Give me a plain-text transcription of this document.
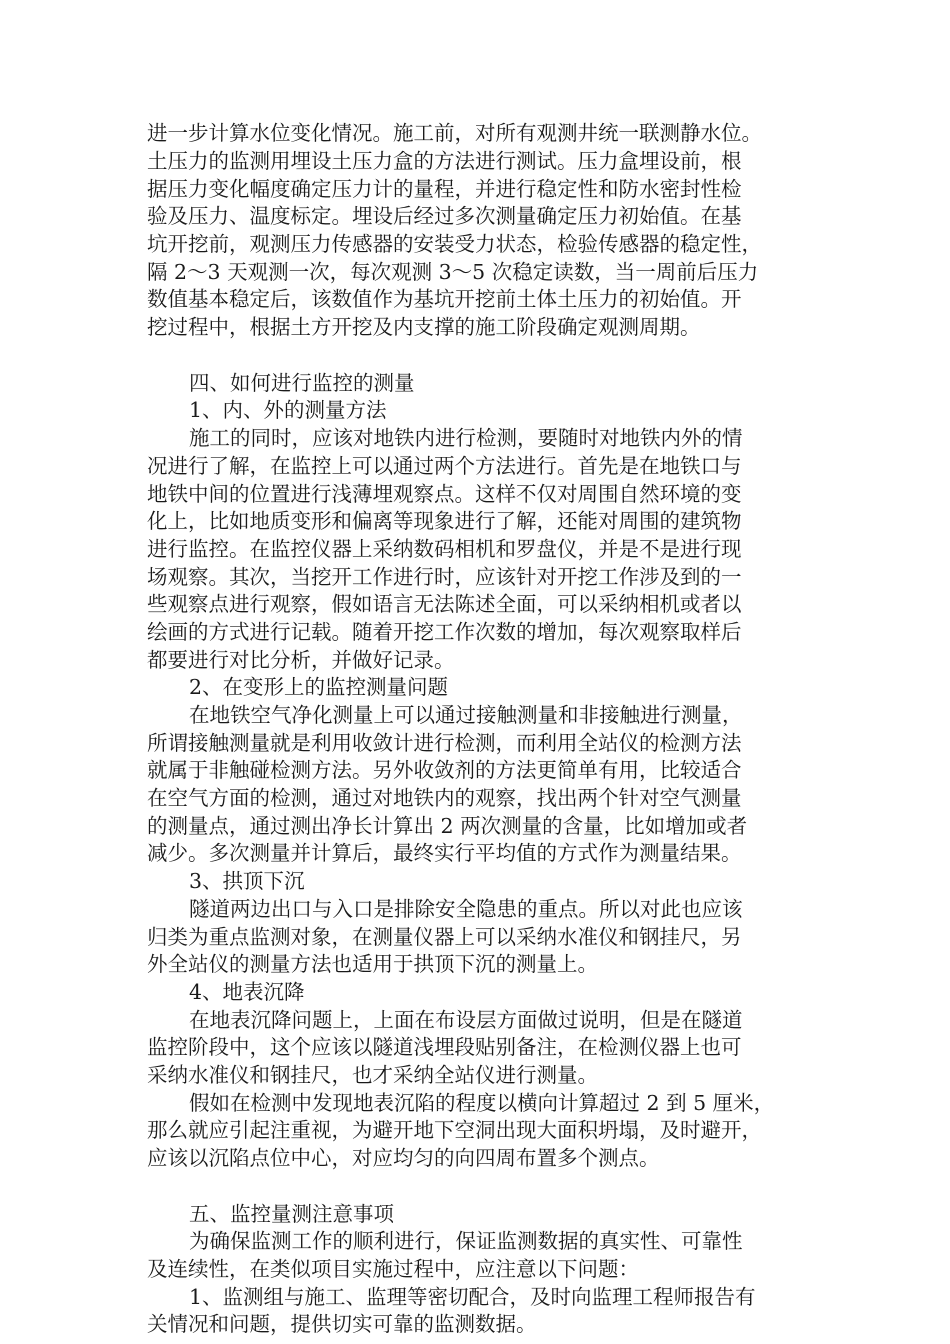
进一步计算水位变化情况。施工前，对所有观测井统一联测静水位。
土压力的监测用埋设土压力盒的方法进行测试。压力盒埋设前，根
据压力变化幅度确定压力计的量程，并进行稳定性和防水密封性检
验及压力、温度标定。埋设后经过多次测量确定压力初始值。在基
坑开挖前，观测压力传感器的安装受力状态，检验传感器的稳定性，
隔 2～3 天观测一次，每次观测 3～5 次稳定读数，当一周前后压力
数值基本稳定后，该数值作为基坑开挖前土体土压力的初始值。开
挖过程中，根据土方开挖及内支撑的施工阶段确定观测周期。
四、如何进行监控的测量
1、内、外的测量方法
施工的同时，应该对地铁内进行检测，要随时对地铁内外的情
况进行了解，在监控上可以通过两个方法进行。首先是在地铁口与
地铁中间的位置进行浅薄埋观察点。这样不仅对周围自然环境的变
化上，比如地质变形和偏离等现象进行了解，还能对周围的建筑物
进行监控。在监控仪器上采纳数码相机和罗盘仪，并是不是进行现
场观察。其次，当挖开工作进行时，应该针对开挖工作涉及到的一
些观察点进行观察，假如语言无法陈述全面，可以采纳相机或者以
绘画的方式进行记载。随着开挖工作次数的增加，每次观察取样后
都要进行对比分析，并做好记录。
2、在变形上的监控测量问题
在地铁空气净化测量上可以通过接触测量和非接触进行测量，
所谓接触测量就是利用收敛计进行检测，而利用全站仪的检测方法
就属于非触碰检测方法。另外收敛剂的方法更简单有用，比较适合
在空气方面的检测，通过对地铁内的观察，找出两个针对空气测量
的测量点，通过测出净长计算出 2 两次测量的含量，比如增加或者
减少。多次测量并计算后，最终实行平均值的方式作为测量结果。
3、拱顶下沉
隧道两边出口与入口是排除安全隐患的重点。所以对此也应该
归类为重点监测对象，在测量仪器上可以采纳水准仪和钢挂尺，另
外全站仪的测量方法也适用于拱顶下沉的测量上。
4、地表沉降
在地表沉降问题上，上面在布设层方面做过说明，但是在隧道
监控阶段中，这个应该以隧道浅埋段贴别备注，在检测仪器上也可
采纳水准仪和钢挂尺，也才采纳全站仪进行测量。
假如在检测中发现地表沉陷的程度以横向计算超过 2 到 5 厘米，
那么就应引起注重视，为避开地下空洞出现大面积坍塌，及时避开，
应该以沉陷点位中心，对应均匀的向四周布置多个测点。
五、监控量测注意事项
为确保监测工作的顺利进行，保证监测数据的真实性、可靠性
及连续性，在类似项目实施过程中，应注意以下问题：
1、监测组与施工、监理等密切配合，及时向监理工程师报告有
关情况和问题，提供切实可靠的监测数据。
